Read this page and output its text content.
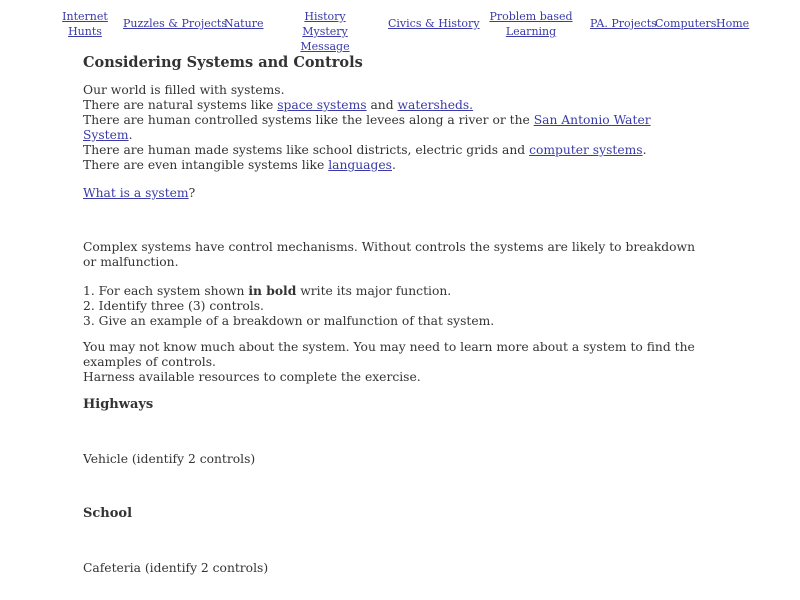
Internet Hunts
Puzzles & Projects
Nature
History Mystery Message
Civics & History
Problem based Learning
PA. Projects
Computers Home
Considering Systems and Controls
Our world is filled with systems.
There are natural systems like space systems and watersheds.
There are human controlled systems like the levees along a river or the San Antonio Water System.
There are human made systems like school districts, electric grids and computer systems.
There are even intangible systems like languages.
What is a system?
Complex systems have control mechanisms. Without controls the systems are likely to breakdown or malfunction.
1. For each system shown in bold write its major function.
2. Identify three (3) controls.
3. Give an example of a breakdown or malfunction of that system.
You may not know much about the system. You may need to learn more about a system to find the examples of controls.
Harness available resources to complete the exercise.
Highways
Vehicle (identify 2 controls)
School
Cafeteria (identify 2 controls)
